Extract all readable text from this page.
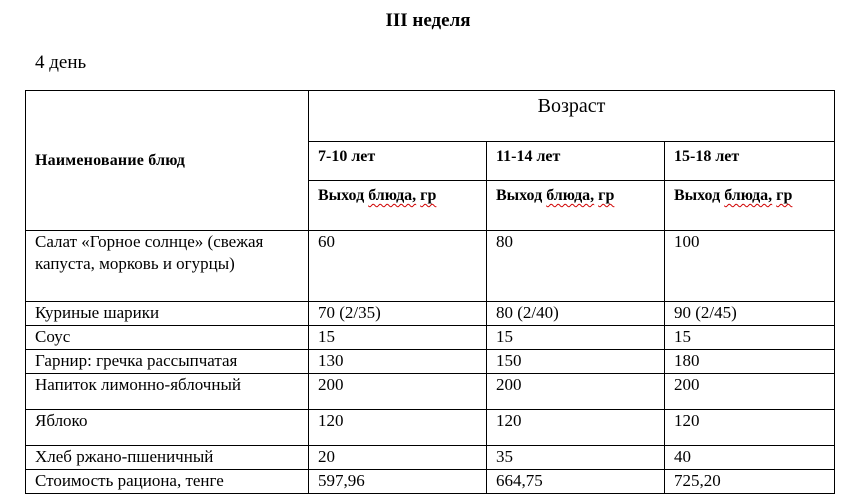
III неделя
4 день
Наименование блюд	Возраст		
	7-10 лет	11-14 лет	15-18 лет
	Выход блюда, гр	Выход блюда, гр	Выход блюда, гр
Салат «Горное солнце» (свежая капуста, морковь и огурцы)	60	80	100
Куриные шарики	70 (2/35)	80 (2/40)	90 (2/45)
Соус	15	15	15
Гарнир: гречка рассыпчатая	130	150	180
Напиток лимонно-яблочный	200	200	200
Яблоко	120	120	120
Хлеб ржано-пшеничный	20	35	40
Стоимость рациона, тенге	597,96	664,75	725,20
